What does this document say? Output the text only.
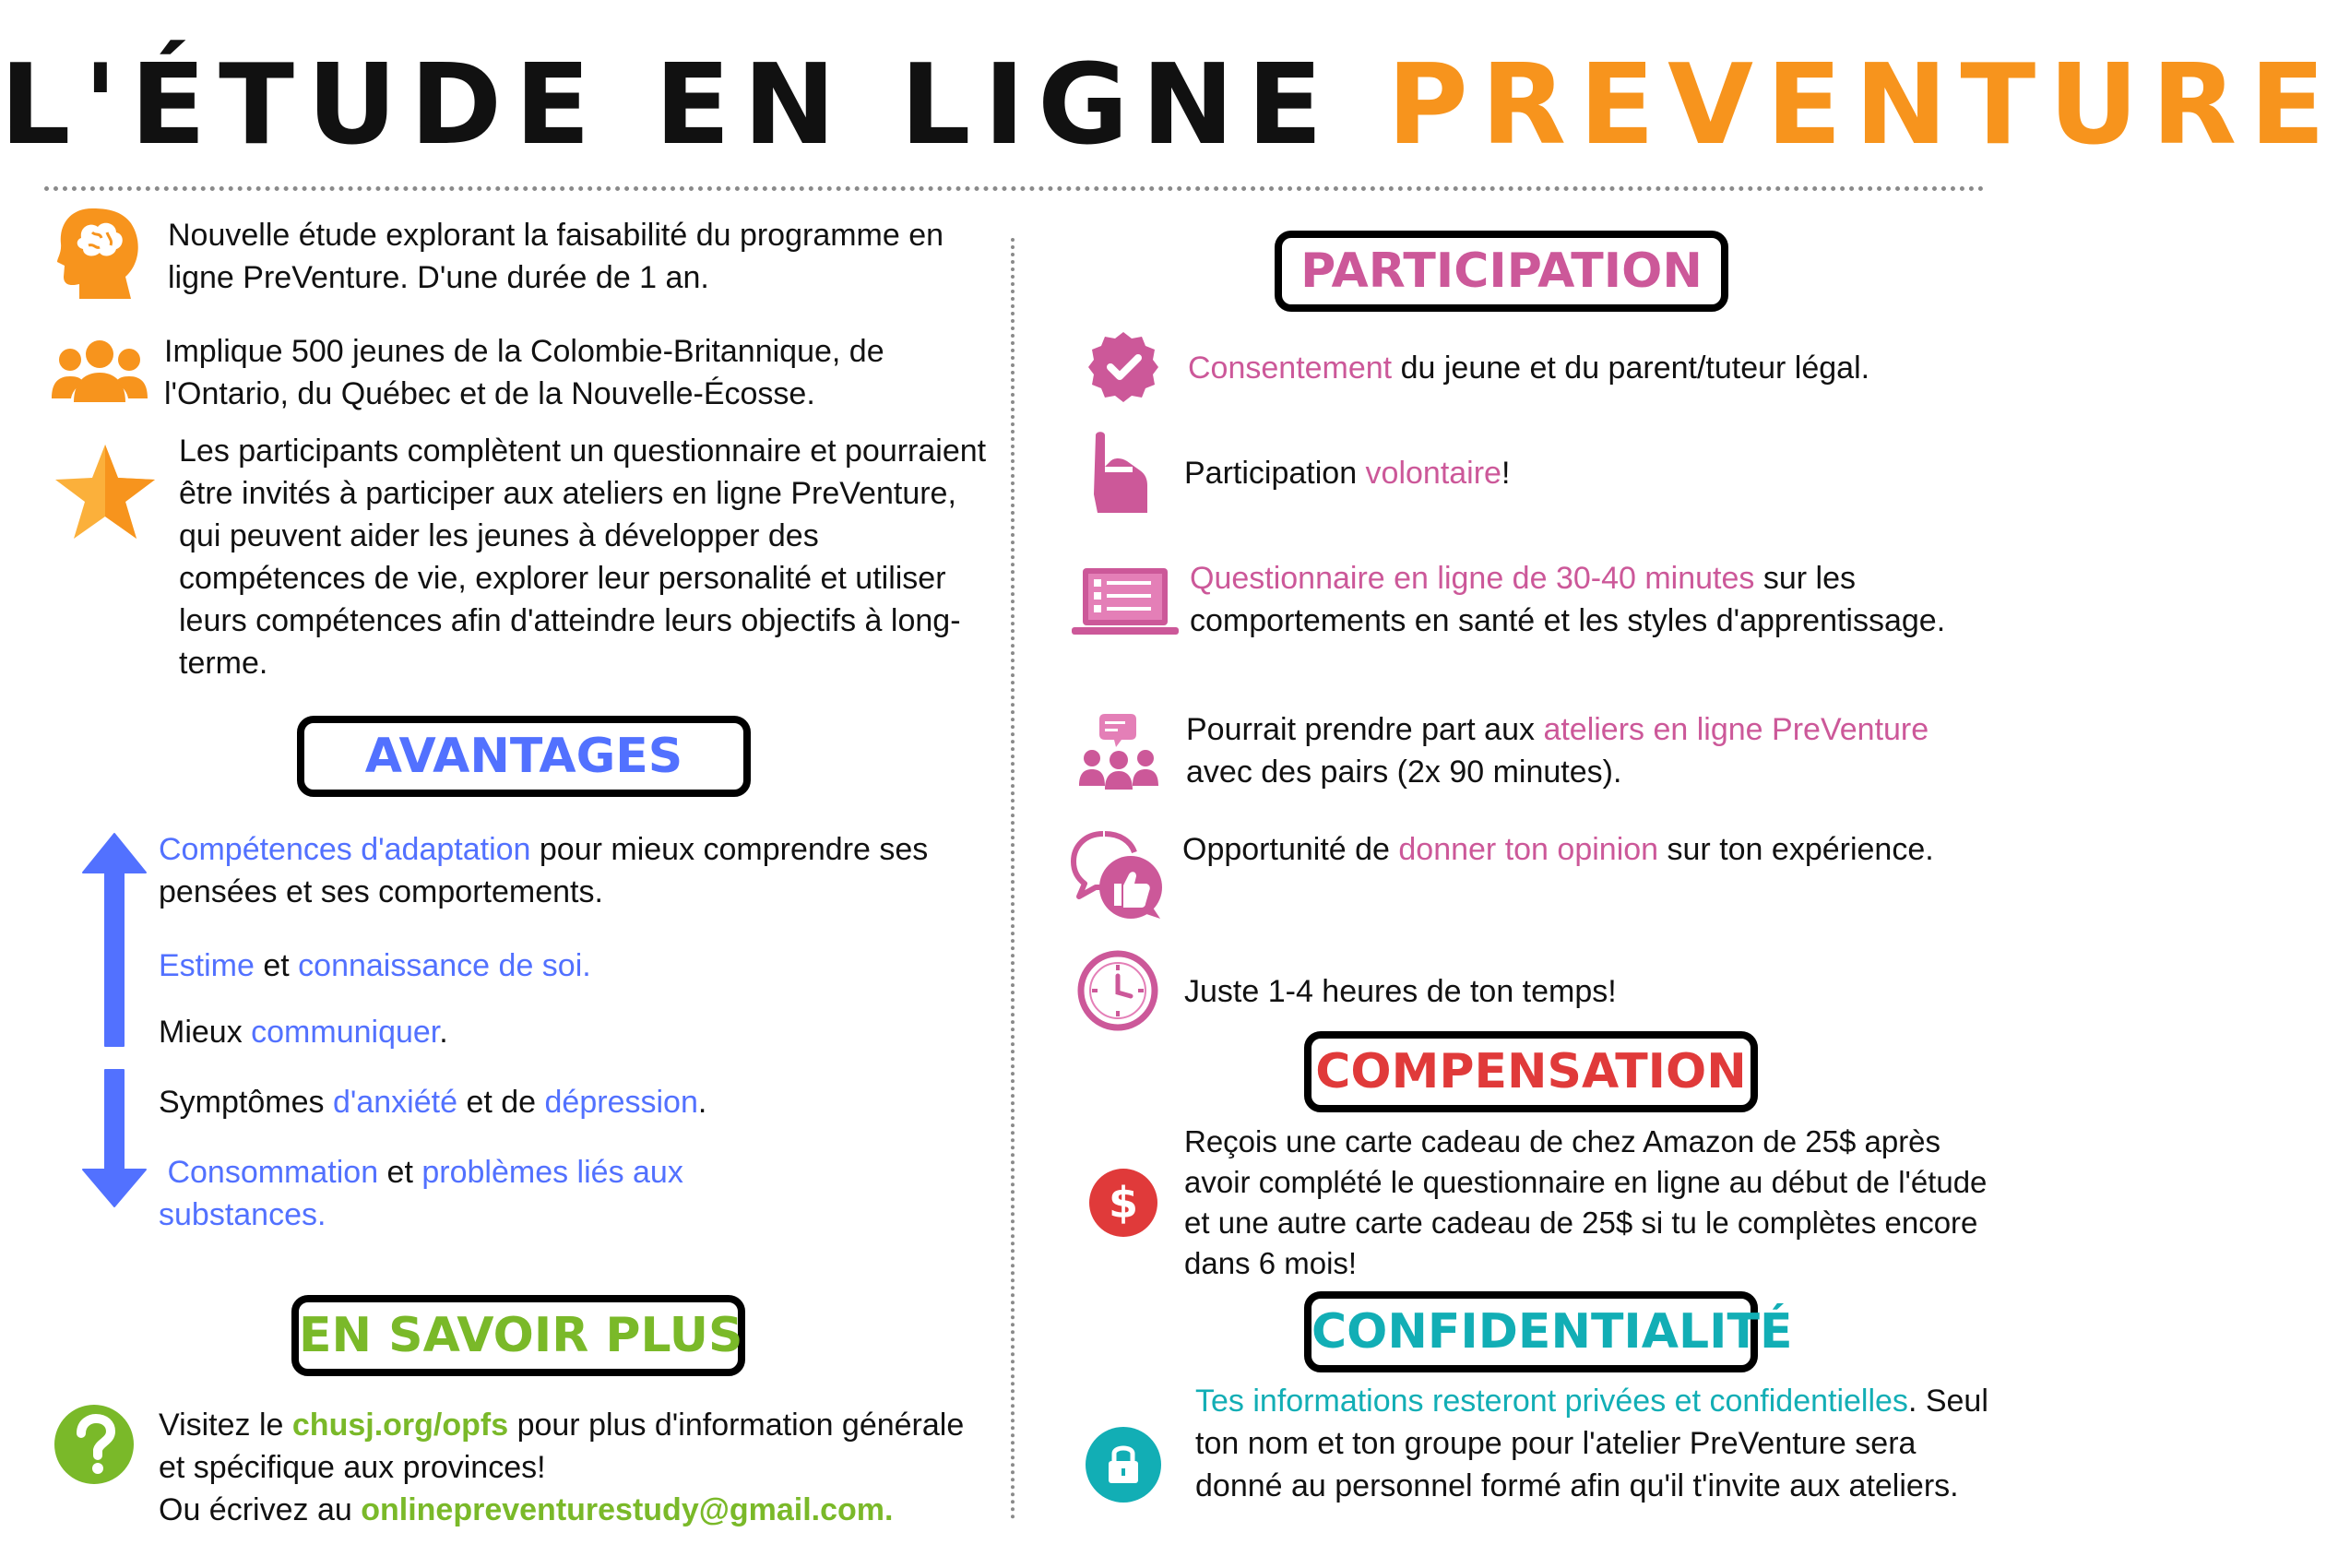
L'ÉTUDE EN LIGNE PREVENTURE
Nouvelle étude explorant la faisabilité du programme en ligne PreVenture. D'une durée de 1 an.
Implique 500 jeunes de la Colombie-Britannique, de l'Ontario, du Québec et de la Nouvelle-Écosse.
Les participants complètent un questionnaire et pourraient être invités à participer aux ateliers en ligne PreVenture, qui peuvent aider les jeunes à développer des compétences de vie, explorer leur personalité et utiliser leurs compétences afin d'atteindre leurs objectifs à long-terme.
AVANTAGES
Compétences d'adaptation pour mieux comprendre ses pensées et ses comportements.
Estime et connaissance de soi.
Mieux communiquer.
Symptômes d'anxiété et de dépression.
Consommation et problèmes liés aux substances.
EN SAVOIR PLUS
Visitez le chusj.org/opfs pour plus d'information générale et spécifique aux provinces!
Ou écrivez au onlinepreventurestudy@gmail.com.
PARTICIPATION
Consentement du jeune et du parent/tuteur légal.
Participation volontaire!
Questionnaire en ligne de 30-40 minutes sur les comportements en santé et les styles d'apprentissage.
Pourrait prendre part aux ateliers en ligne PreVenture avec des pairs (2x 90 minutes).
Opportunité de donner ton opinion sur ton expérience.
Juste 1-4 heures de ton temps!
COMPENSATION
$
Reçois une carte cadeau de chez Amazon de 25$ après avoir complété le questionnaire en ligne au début de l'étude et une autre carte cadeau de 25$ si tu le complètes encore dans 6 mois!
CONFIDENTIALITÉ
Tes informations resteront privées et confidentielles. Seul ton nom et ton groupe pour l'atelier PreVenture sera donné au personnel formé afin qu'il t'invite aux ateliers.
